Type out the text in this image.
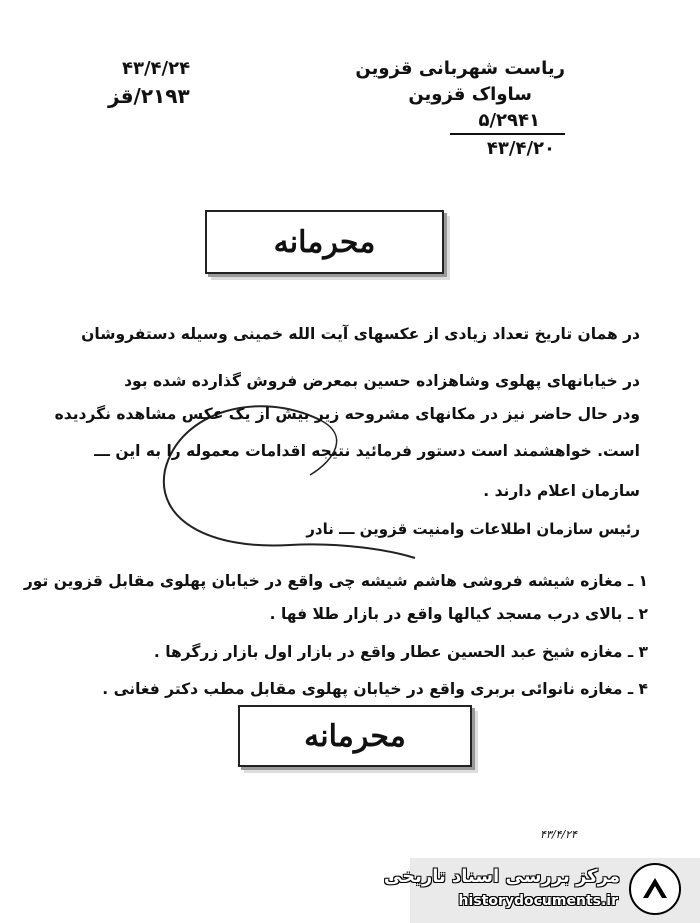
ریاست شهربانی قزوین
ساواک قزوین
۵/۲۹۴۱
۴۳/۴/۲۰
۴۳/۴/۲۴
۲۱۹۳/قز
محرمانه
در همان تاریخ تعداد زیادی از عکسهای آیت الله خمینی وسیله دستفروشان
در خیابانهای پهلوی وشاهزاده حسین بمعرض فروش گذارده شده بود
ودر حال حاضر نیز در مکانهای مشروحه زیر بیش از یک عکس مشاهده نگردیده
است. خواهشمند است دستور فرمائید نتیجه اقدامات معموله را به این ـــ
سازمان اعلام دارند .
رئیس سازمان اطلاعات وامنیت قزوین ـــ نادر
۱ ـ مغازه شیشه فروشی هاشم شیشه چی واقع در خیابان پهلوی مقابل قزوین تور
۲ ـ بالای درب مسجد کیالها واقع در بازار طلا فها .
۳ ـ مغازه شیخ عبد الحسین عطار واقع در بازار اول بازار زرگرها .
۴ ـ مغازه نانوائی بربری واقع در خیابان پهلوی مقابل مطب دکتر فغانی .
محرمانه
۴۳/۴/۲۴
مرکز بررسی اسناد تاریخی
historydocuments.ir
